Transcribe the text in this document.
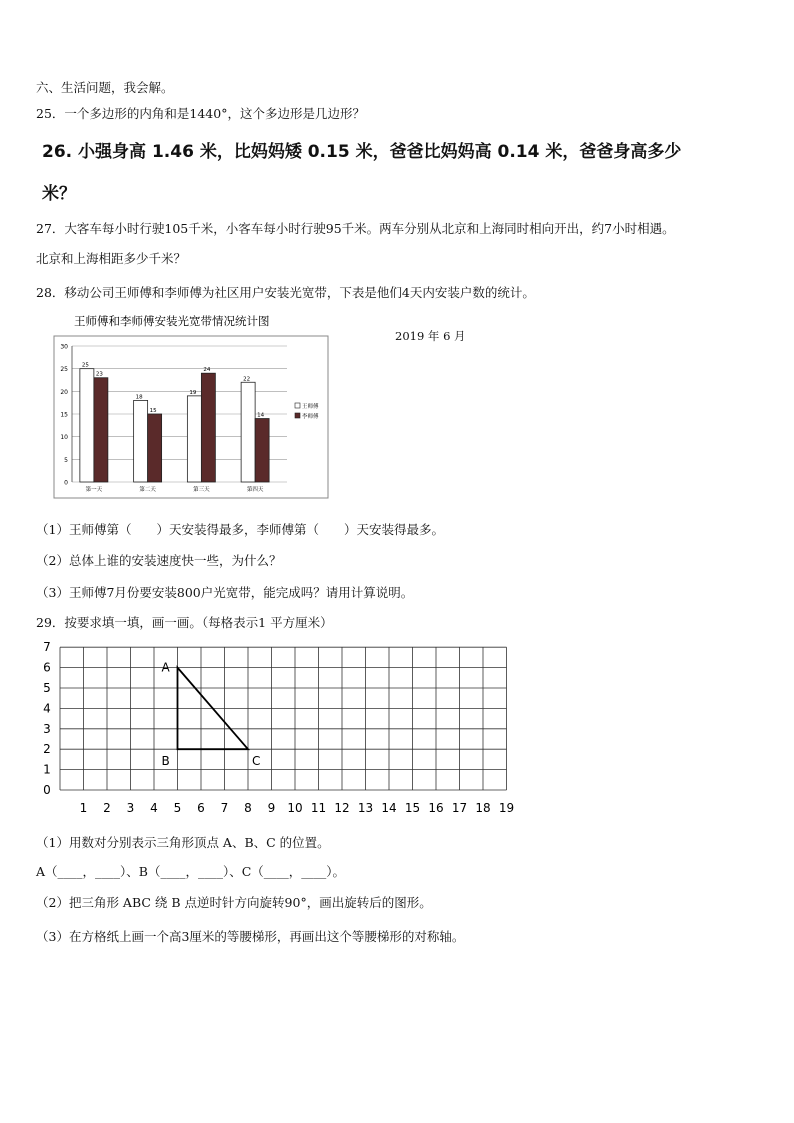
六、生活问题，我会解。
25．一个多边形的内角和是1440°，这个多边形是几边形？
26. 小强身高 1.46 米，比妈妈矮 0.15 米，爸爸比妈妈高 0.14 米，爸爸身高多少
米？
27．大客车每小时行驶105千米，小客车每小时行驶95千米。两车分别从北京和上海同时相向开出，约7小时相遇。
北京和上海相距多少千米？
28．移动公司王师傅和李师傅为社区用户安装光宽带，下表是他们4天内安装户数的统计。
王师傅和李师傅安装光宽带情况统计图
0
5
10
15
20
25
30
25
23
第一天
18
15
第二天
19
24
第三天
22
14
第四天
王师傅
李师傅
2019 年 6 月
（1）王师傅第（　　）天安装得最多，李师傅第（　　）天安装得最多。
（2）总体上谁的安装速度快一些，为什么？
（3）王师傅7月份要安装800户光宽带，能完成吗？请用计算说明。
29．按要求填一填，画一画。（每格表示1 平方厘米）
1 2 3 4 5 6 7 8 9 10 11 12 13 14 15 16 17 18 19
0
1
2
3
4
5
6
7
A
B	C
（1）用数对分别表示三角形顶点 A、B、C 的位置。
A（____，____）、B（____，____）、C（____，____）。
（2）把三角形 ABC 绕 B 点逆时针方向旋转90°，画出旋转后的图形。
（3）在方格纸上画一个高3厘米的等腰梯形，再画出这个等腰梯形的对称轴。
